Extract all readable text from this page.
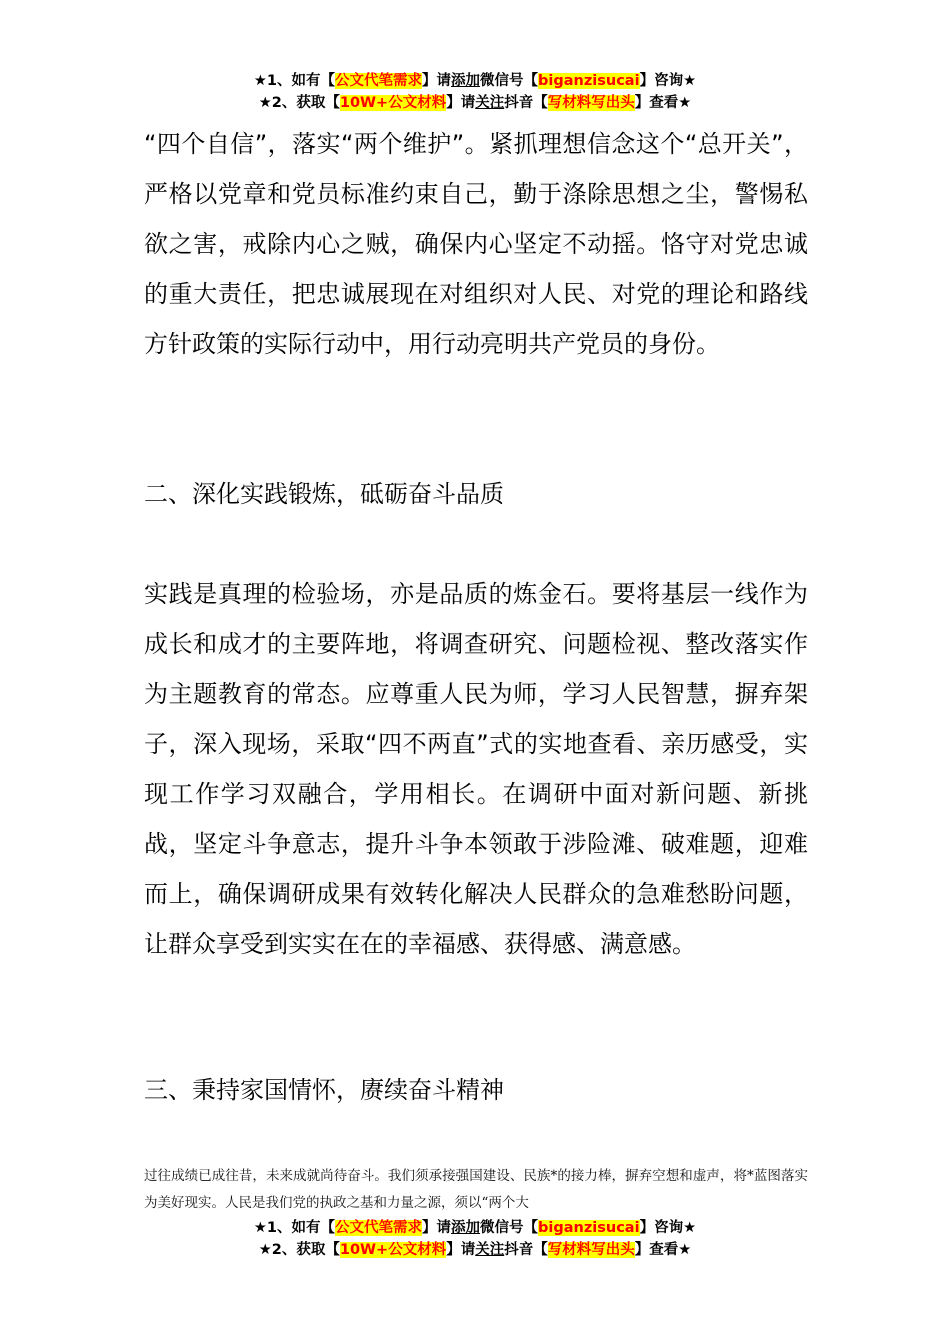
★1、如有【公文代笔需求】请添加微信号【biganzisucai】咨询★
★2、获取【10W+公文材料】请关注抖音【写材料写出头】查看★
“四个自信”，落实“两个维护”。紧抓理想信念这个“总开关”，严格以党章和党员标准约束自己，勤于涤除思想之尘，警惕私欲之害，戒除内心之贼，确保内心坚定不动摇。恪守对党忠诚的重大责任，把忠诚展现在对组织对人民、对党的理论和路线方针政策的实际行动中，用行动亮明共产党员的身份。
二、深化实践锻炼，砥砺奋斗品质
实践是真理的检验场，亦是品质的炼金石。要将基层一线作为成长和成才的主要阵地，将调查研究、问题检视、整改落实作为主题教育的常态。应尊重人民为师，学习人民智慧，摒弃架子，深入现场，采取“四不两直”式的实地查看、亲历感受，实现工作学习双融合，学用相长。在调研中面对新问题、新挑战，坚定斗争意志，提升斗争本领敢于涉险滩、破难题，迎难而上，确保调研成果有效转化解决人民群众的急难愁盼问题，让群众享受到实实在在的幸福感、获得感、满意感。
三、秉持家国情怀，赓续奋斗精神
过往成绩已成往昔，未来成就尚待奋斗。我们须承接强国建设、民族*的接力棒，摒弃空想和虚声，将*蓝图落实为美好现实。人民是我们党的执政之基和力量之源，须以“两个大
★1、如有【公文代笔需求】请添加微信号【biganzisucai】咨询★
★2、获取【10W+公文材料】请关注抖音【写材料写出头】查看★
